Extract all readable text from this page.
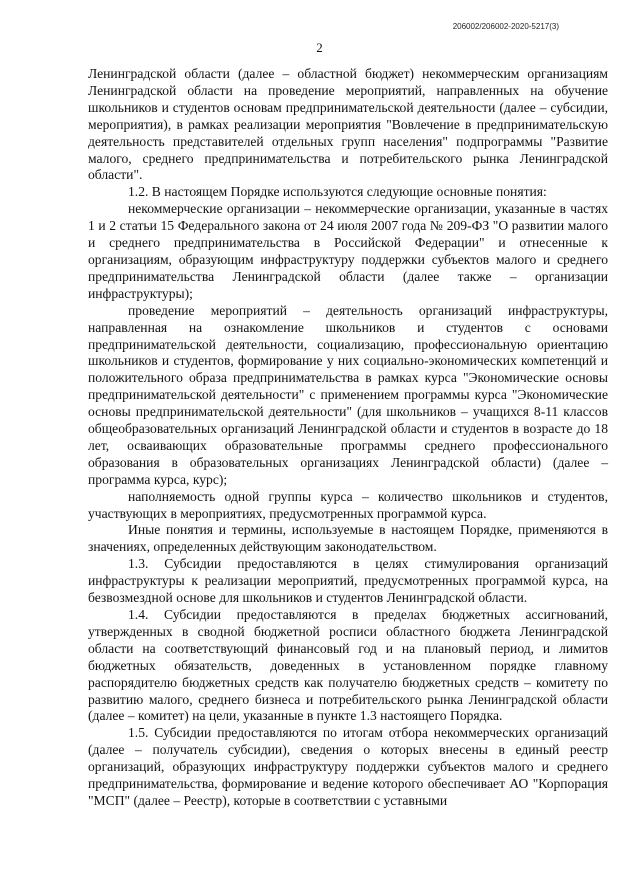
206002/206002-2020-5217(3)
2

Ленинградской области (далее – областной бюджет) некоммерческим организациям Ленинградской области на проведение мероприятий, направленных на обучение школьников и студентов основам предпринимательской деятельности (далее – субсидии, мероприятия), в рамках реализации мероприятия "Вовлечение в предпринимательскую деятельность представителей отдельных групп населения" подпрограммы "Развитие малого, среднего предпринимательства и потребительского рынка Ленинградской области".

1.2. В настоящем Порядке используются следующие основные понятия:

некоммерческие организации – некоммерческие организации, указанные в частях 1 и 2 статьи 15 Федерального закона от 24 июля 2007 года № 209-ФЗ "О развитии малого и среднего предпринимательства в Российской Федерации" и отнесенные к организациям, образующим инфраструктуру поддержки субъектов малого и среднего предпринимательства Ленинградской области (далее также – организации инфраструктуры);

проведение мероприятий – деятельность организаций инфраструктуры, направленная на ознакомление школьников и студентов с основами предпринимательской деятельности, социализацию, профессиональную ориентацию школьников и студентов, формирование у них социально-экономических компетенций и положительного образа предпринимательства в рамках курса "Экономические основы предпринимательской деятельности" с применением программы курса "Экономические основы предпринимательской деятельности" (для школьников – учащихся 8-11 классов общеобразовательных организаций Ленинградской области и студентов в возрасте до 18 лет, осваивающих образовательные программы среднего профессионального образования в образовательных организациях Ленинградской области) (далее – программа курса, курс);

наполняемость одной группы курса – количество школьников и студентов, участвующих в мероприятиях, предусмотренных программой курса.

Иные понятия и термины, используемые в настоящем Порядке, применяются в значениях, определенных действующим законодательством.

1.3. Субсидии предоставляются в целях стимулирования организаций инфраструктуры к реализации мероприятий, предусмотренных программой курса, на безвозмездной основе для школьников и студентов Ленинградской области.

1.4. Субсидии предоставляются в пределах бюджетных ассигнований, утвержденных в сводной бюджетной росписи областного бюджета Ленинградской области на соответствующий финансовый год и на плановый период, и лимитов бюджетных обязательств, доведенных в установленном порядке главному распорядителю бюджетных средств как получателю бюджетных средств – комитету по развитию малого, среднего бизнеса и потребительского рынка Ленинградской области (далее – комитет) на цели, указанные в пункте 1.3 настоящего Порядка.

1.5. Субсидии предоставляются по итогам отбора некоммерческих организаций (далее – получатель субсидии), сведения о которых внесены в единый реестр организаций, образующих инфраструктуру поддержки субъектов малого и среднего предпринимательства, формирование и ведение которого обеспечивает АО "Корпорация "МСП" (далее – Реестр), которые в соответствии с уставными
